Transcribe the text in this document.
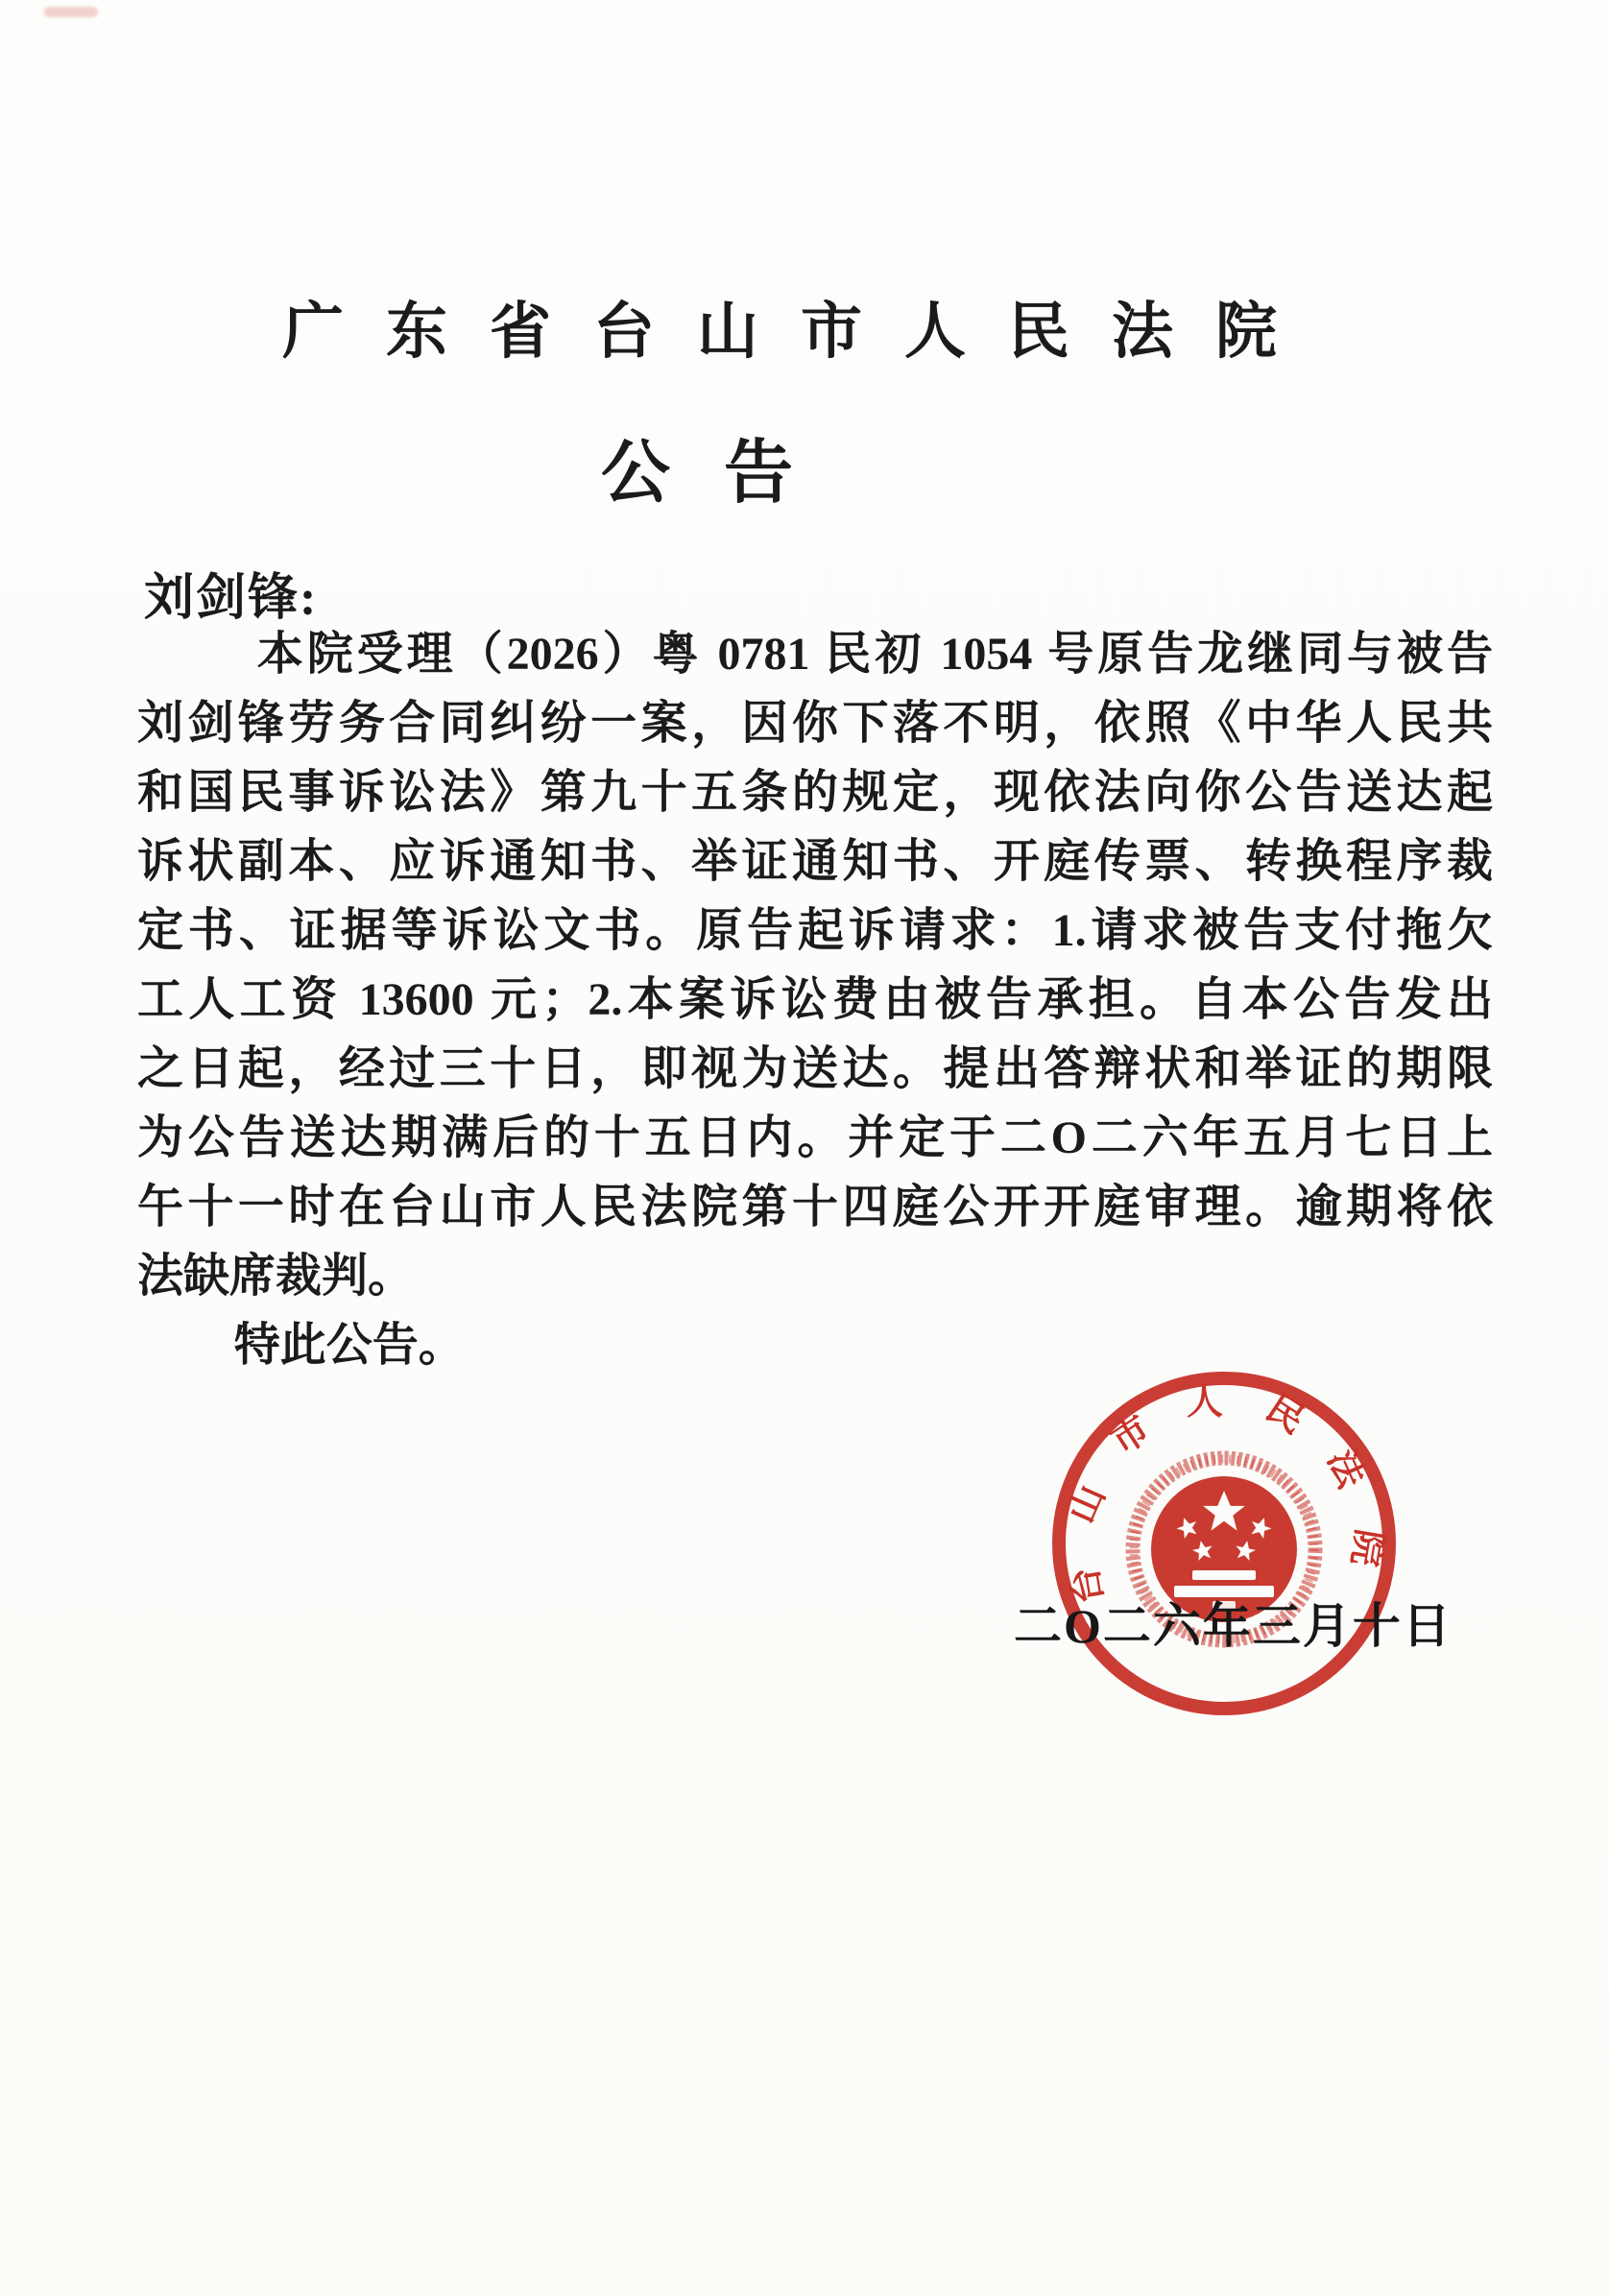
广东省台山市人民法院
公告
刘剑锋:
本院受理（2026）粤 0781 民初 1054 号原告龙继同与被告
刘剑锋劳务合同纠纷一案，因你下落不明，依照《中华人民共
和国民事诉讼法》第九十五条的规定，现依法向你公告送达起
诉状副本、应诉通知书、举证通知书、开庭传票、转换程序裁
定书、证据等诉讼文书。原告起诉请求：1.请求被告支付拖欠
工人工资 13600 元；2.本案诉讼费由被告承担。自本公告发出
之日起，经过三十日，即视为送达。提出答辩状和举证的期限
为公告送达期满后的十五日内。并定于二O二六年五月七日上
午十一时在台山市人民法院第十四庭公开开庭审理。逾期将依
法缺席裁判。
特此公告。
台山市人民法院
二O二六年三月十日
